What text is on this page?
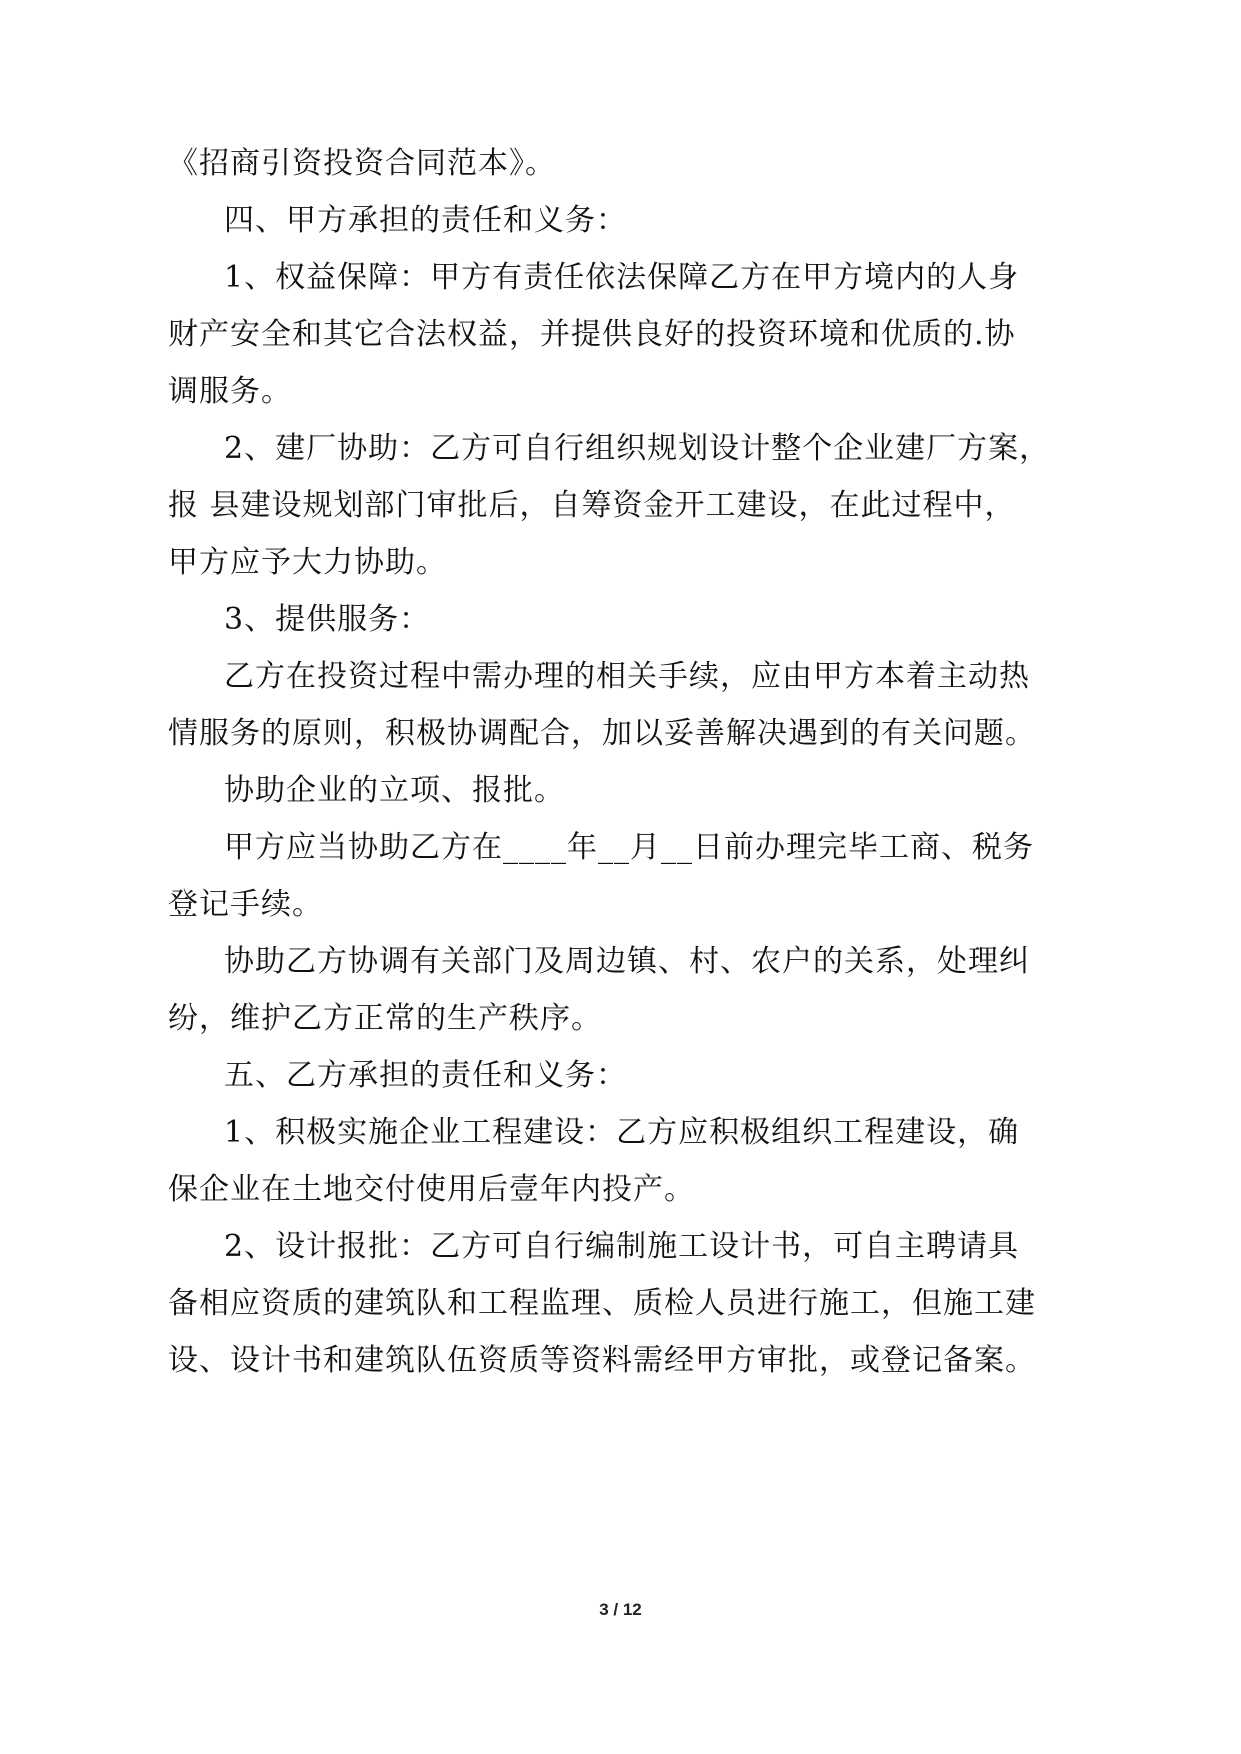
《招商引资投资合同范本》。
四、甲方承担的责任和义务：
1、权益保障：甲方有责任依法保障乙方在甲方境内的人身
财产安全和其它合法权益，并提供良好的投资环境和优质的.协
调服务。
2、建厂协助：乙方可自行组织规划设计整个企业建厂方案，
报 县建设规划部门审批后，自筹资金开工建设，在此过程中，
甲方应予大力协助。
3、提供服务：
乙方在投资过程中需办理的相关手续，应由甲方本着主动热
情服务的原则，积极协调配合，加以妥善解决遇到的有关问题。
协助企业的立项、报批。
甲方应当协助乙方在____年__月__日前办理完毕工商、税务
登记手续。
协助乙方协调有关部门及周边镇、村、农户的关系，处理纠
纷，维护乙方正常的生产秩序。
五、乙方承担的责任和义务：
1、积极实施企业工程建设：乙方应积极组织工程建设，确
保企业在土地交付使用后壹年内投产。
2、设计报批：乙方可自行编制施工设计书，可自主聘请具
备相应资质的建筑队和工程监理、质检人员进行施工，但施工建
设、设计书和建筑队伍资质等资料需经甲方审批，或登记备案。
3 / 12
